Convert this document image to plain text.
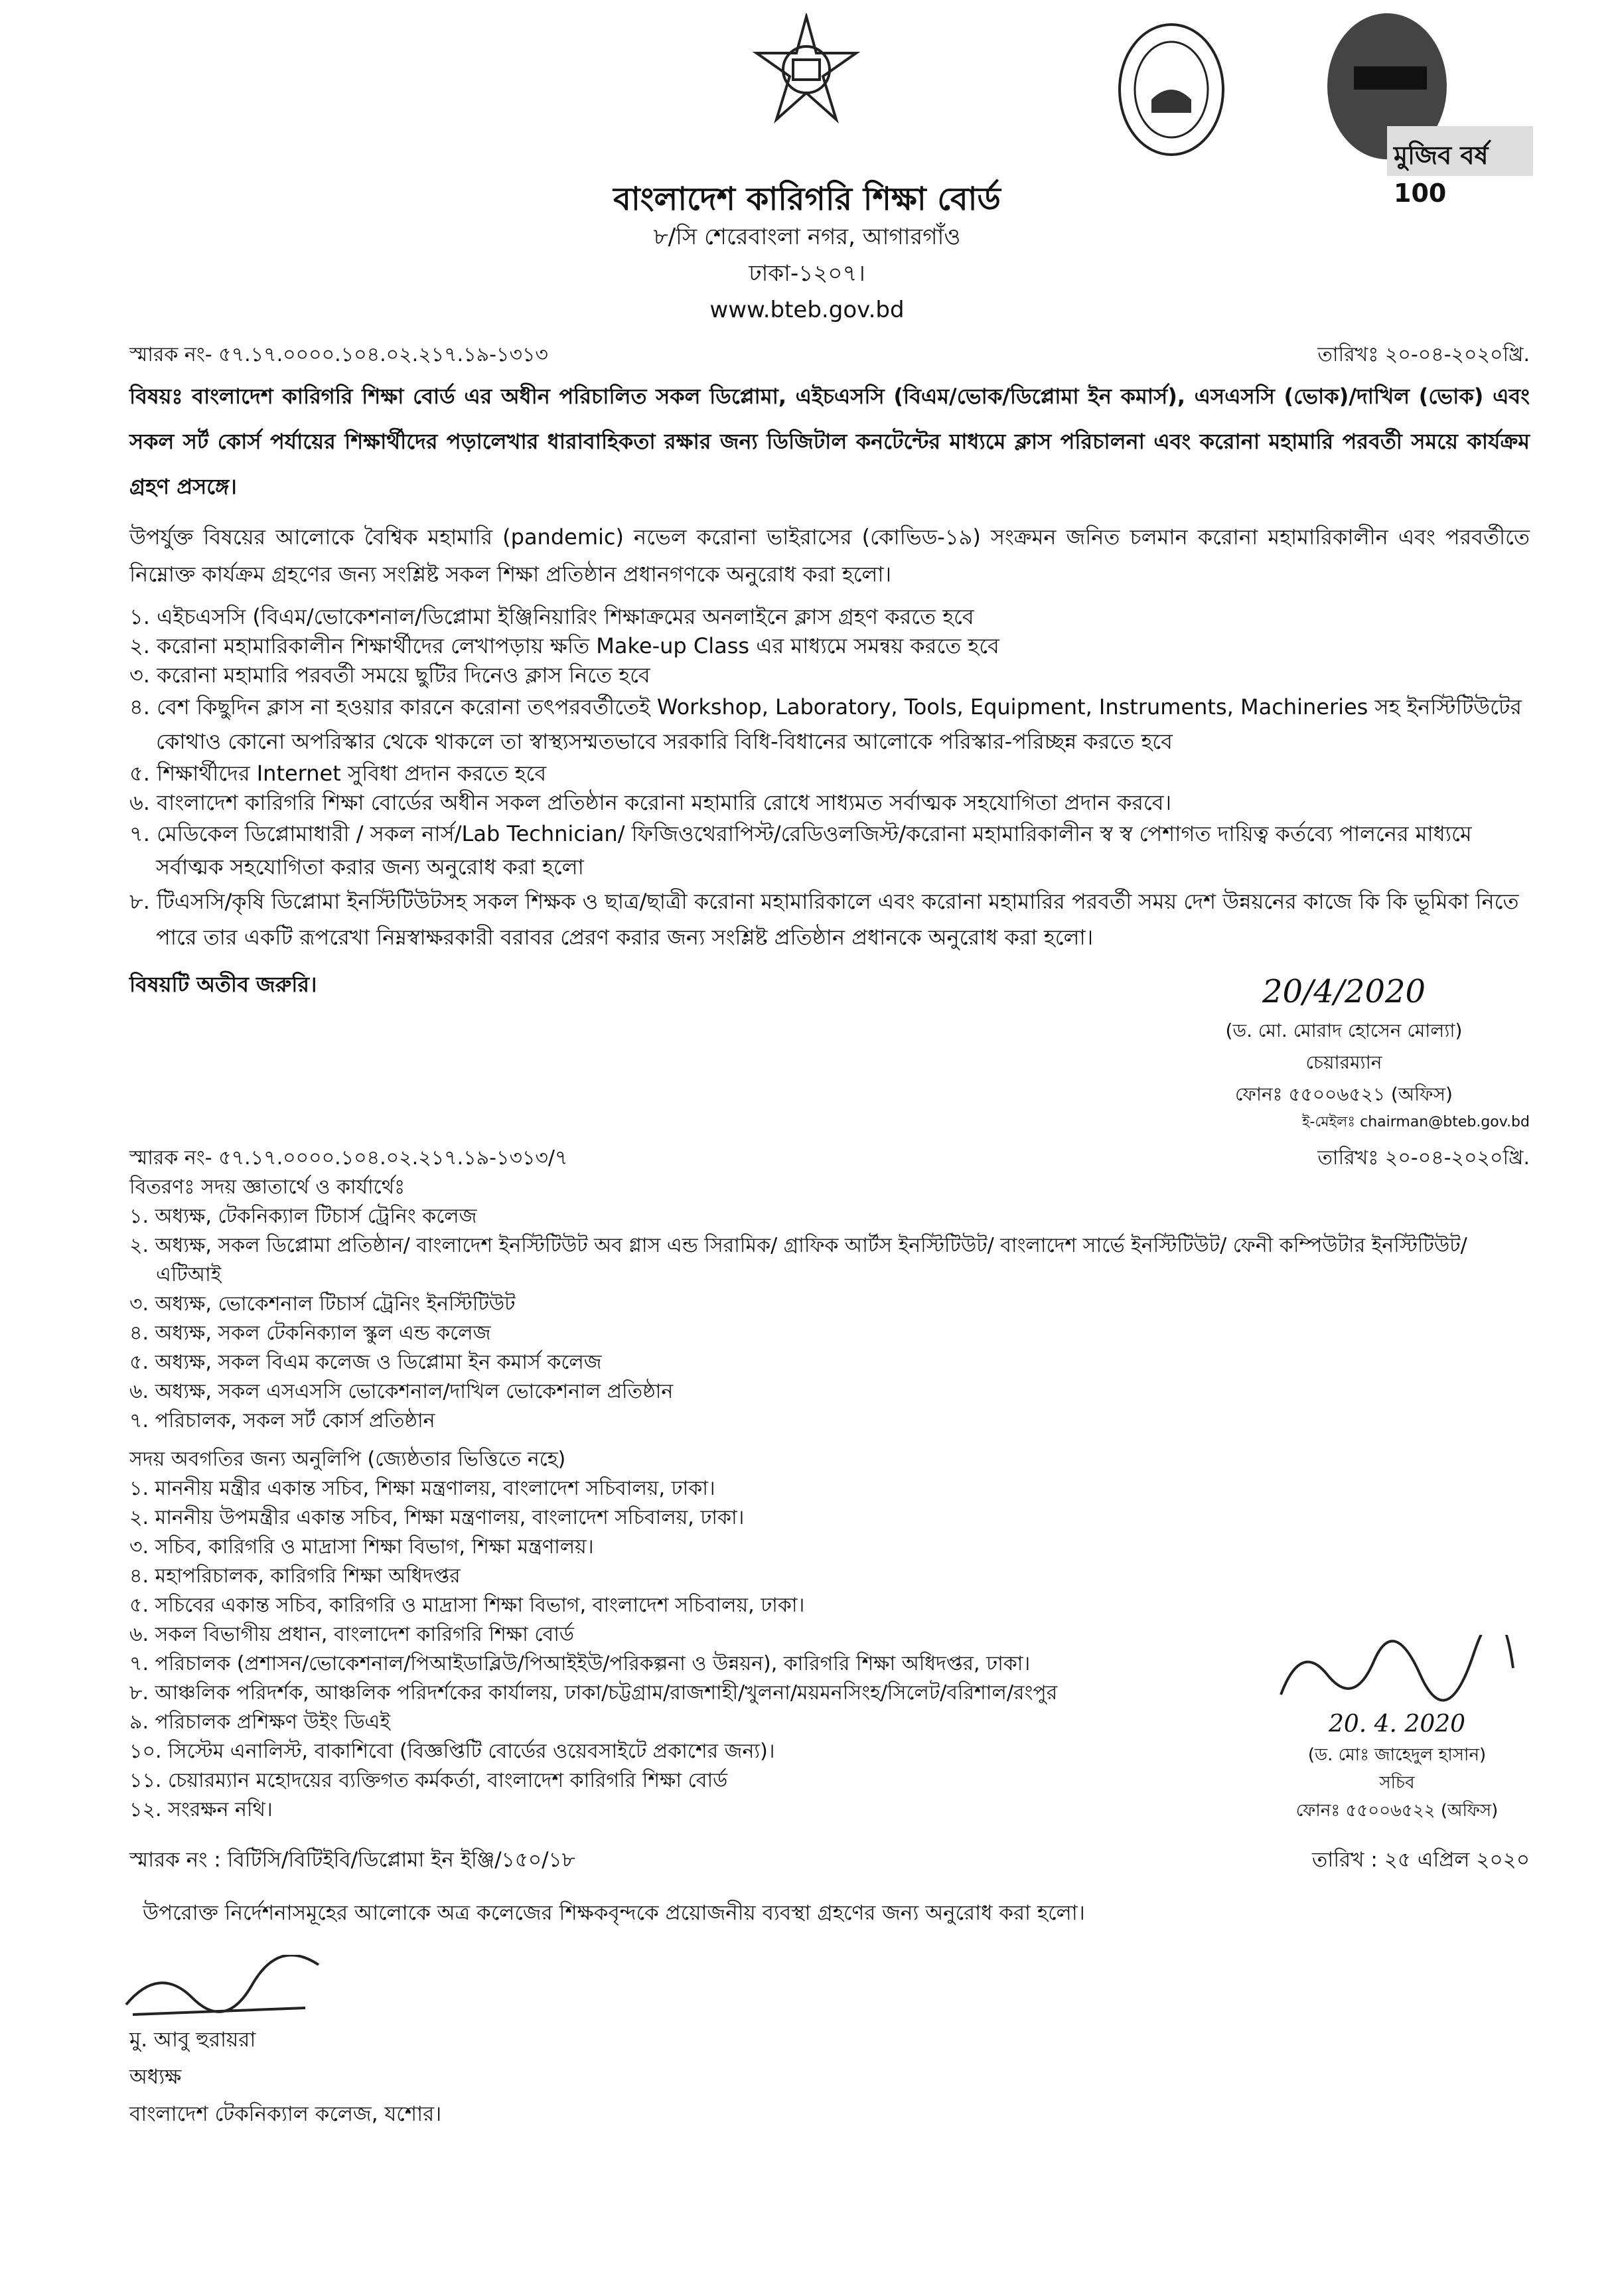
মুজিব বর্ষ 100
বাংলাদেশ কারিগরি শিক্ষা বোর্ড
৮/সি শেরেবাংলা নগর, আগারগাঁও
ঢাকা-১২০৭।
www.bteb.gov.bd
স্মারক নং- ৫৭.১৭.০০০০.১০৪.০২.২১৭.১৯-১৩১৩	তারিখঃ ২০-০৪-২০২০খ্রি.
বিষয়ঃ বাংলাদেশ কারিগরি শিক্ষা বোর্ড এর অধীন পরিচালিত সকল ডিপ্লোমা, এইচএসসি (বিএম/ভোক/ডিপ্লোমা ইন কমার্স), এসএসসি (ভোক)/দাখিল (ভোক) এবং সকল সর্ট কোর্স পর্যায়ের শিক্ষার্থীদের পড়ালেখার ধারাবাহিকতা রক্ষার জন্য ডিজিটাল কনটেন্টের মাধ্যমে ক্লাস পরিচালনা এবং করোনা মহামারি পরবর্তী সময়ে কার্যক্রম গ্রহণ প্রসঙ্গে।
উপর্যুক্ত বিষয়ের আলোকে বৈশ্বিক মহামারি (pandemic) নভেল করোনা ভাইরাসের (কোভিড-১৯) সংক্রমন জনিত চলমান করোনা মহামারিকালীন এবং পরবর্তীতে নিম্নোক্ত কার্যক্রম গ্রহণের জন্য সংশ্লিষ্ট সকল শিক্ষা প্রতিষ্ঠান প্রধানগণকে অনুরোধ করা হলো।
১. এইচএসসি (বিএম/ভোকেশনাল/ডিপ্লোমা ইঞ্জিনিয়ারিং শিক্ষাক্রমের অনলাইনে ক্লাস গ্রহণ করতে হবে
২. করোনা মহামারিকালীন শিক্ষার্থীদের লেখাপড়ায় ক্ষতি Make-up Class এর মাধ্যমে সমন্বয় করতে হবে
৩. করোনা মহামারি পরবর্তী সময়ে ছুটির দিনেও ক্লাস নিতে হবে
৪. বেশ কিছুদিন ক্লাস না হওয়ার কারনে করোনা তৎপরবর্তীতেই Workshop, Laboratory, Tools, Equipment, Instruments, Machineries সহ ইনস্টিটিউটের কোথাও কোনো অপরিস্কার থেকে থাকলে তা স্বাস্থ্যসম্মতভাবে সরকারি বিধি-বিধানের আলোকে পরিস্কার-পরিচ্ছন্ন করতে হবে
৫. শিক্ষার্থীদের Internet সুবিধা প্রদান করতে হবে
৬. বাংলাদেশ কারিগরি শিক্ষা বোর্ডের অধীন সকল প্রতিষ্ঠান করোনা মহামারি রোধে সাধ্যমত সর্বাত্মক সহযোগিতা প্রদান করবে।
৭. মেডিকেল ডিপ্লোমাধারী / সকল নার্স/Lab Technician/ ফিজিওথেরাপিস্ট/রেডিওলজিস্ট/করোনা মহামারিকালীন স্ব স্ব পেশাগত দায়িত্ব কর্তব্যে পালনের মাধ্যমে সর্বাত্মক সহযোগিতা করার জন্য অনুরোধ করা হলো
৮. টিএসসি/কৃষি ডিপ্লোমা ইনস্টিটিউটসহ সকল শিক্ষক ও ছাত্র/ছাত্রী করোনা মহামারিকালে এবং করোনা মহামারির পরবর্তী সময় দেশ উন্নয়নের কাজে কি কি ভূমিকা নিতে পারে তার একটি রূপরেখা নিম্নস্বাক্ষরকারী বরাবর প্রেরণ করার জন্য সংশ্লিষ্ট প্রতিষ্ঠান প্রধানকে অনুরোধ করা হলো।
বিষয়টি অতীব জরুরি।	20/4/2020
(ড. মো. মোরাদ হোসেন মোল্যা)
চেয়ারম্যান
ফোনঃ ৫৫০০৬৫২১ (অফিস)
ই-মেইলঃ chairman@bteb.gov.bd
স্মারক নং- ৫৭.১৭.০০০০.১০৪.০২.২১৭.১৯-১৩১৩/৭	তারিখঃ ২০-০৪-২০২০খ্রি.
বিতরণঃ সদয় জ্ঞাতার্থে ও কার্যার্থেঃ
১. অধ্যক্ষ, টেকনিক্যাল টিচার্স ট্রেনিং কলেজ
২. অধ্যক্ষ, সকল ডিপ্লোমা প্রতিষ্ঠান/ বাংলাদেশ ইনস্টিটিউট অব গ্লাস এন্ড সিরামিক/ গ্রাফিক আর্টস ইনস্টিটিউট/ বাংলাদেশ সার্ভে ইনস্টিটিউট/ ফেনী কম্পিউটার ইনস্টিটিউট/ এটিআই
৩. অধ্যক্ষ, ভোকেশনাল টিচার্স ট্রেনিং ইনস্টিটিউট
৪. অধ্যক্ষ, সকল টেকনিক্যাল স্কুল এন্ড কলেজ
৫. অধ্যক্ষ, সকল বিএম কলেজ ও ডিপ্লোমা ইন কমার্স কলেজ
৬. অধ্যক্ষ, সকল এসএসসি ভোকেশনাল/দাখিল ভোকেশনাল প্রতিষ্ঠান
৭. পরিচালক, সকল সর্ট কোর্স প্রতিষ্ঠান
সদয় অবগতির জন্য অনুলিপি (জ্যেষ্ঠতার ভিত্তিতে নহে)
১. মাননীয় মন্ত্রীর একান্ত সচিব, শিক্ষা মন্ত্রণালয়, বাংলাদেশ সচিবালয়, ঢাকা।
২. মাননীয় উপমন্ত্রীর একান্ত সচিব, শিক্ষা মন্ত্রণালয়, বাংলাদেশ সচিবালয়, ঢাকা।
৩. সচিব, কারিগরি ও মাদ্রাসা শিক্ষা বিভাগ, শিক্ষা মন্ত্রণালয়।
৪. মহাপরিচালক, কারিগরি শিক্ষা অধিদপ্তর
৫. সচিবের একান্ত সচিব, কারিগরি ও মাদ্রাসা শিক্ষা বিভাগ, বাংলাদেশ সচিবালয়, ঢাকা।
৬. সকল বিভাগীয় প্রধান, বাংলাদেশ কারিগরি শিক্ষা বোর্ড
৭. পরিচালক (প্রশাসন/ভোকেশনাল/পিআইডাব্লিউ/পিআইইউ/পরিকল্পনা ও উন্নয়ন), কারিগরি শিক্ষা অধিদপ্তর, ঢাকা।
৮. আঞ্চলিক পরিদর্শক, আঞ্চলিক পরিদর্শকের কার্যালয়, ঢাকা/চট্টগ্রাম/রাজশাহী/খুলনা/ময়মনসিংহ/সিলেট/বরিশাল/রংপুর
৯. পরিচালক প্রশিক্ষণ উইং ডিএই
১০. সিস্টেম এনালিস্ট, বাকাশিবো (বিজ্ঞপ্তিটি বোর্ডের ওয়েবসাইটে প্রকাশের জন্য)।
১১. চেয়ারম্যান মহোদয়ের ব্যক্তিগত কর্মকর্তা, বাংলাদেশ কারিগরি শিক্ষা বোর্ড
১২. সংরক্ষন নথি।
20. 4. 2020
(ড. মোঃ জাহেদুল হাসান)
সচিব
ফোনঃ ৫৫০০৬৫২২ (অফিস)
স্মারক নং : বিটিসি/বিটিইবি/ডিপ্লোমা ইন ইঞ্জি/১৫০/১৮	তারিখ : ২৫ এপ্রিল ২০২০
উপরোক্ত নির্দেশনাসমূহের আলোকে অত্র কলেজের শিক্ষকবৃন্দকে প্রয়োজনীয় ব্যবস্থা গ্রহণের জন্য অনুরোধ করা হলো।
মু. আবু হুরায়রা
অধ্যক্ষ
বাংলাদেশ টেকনিক্যাল কলেজ, যশোর।
